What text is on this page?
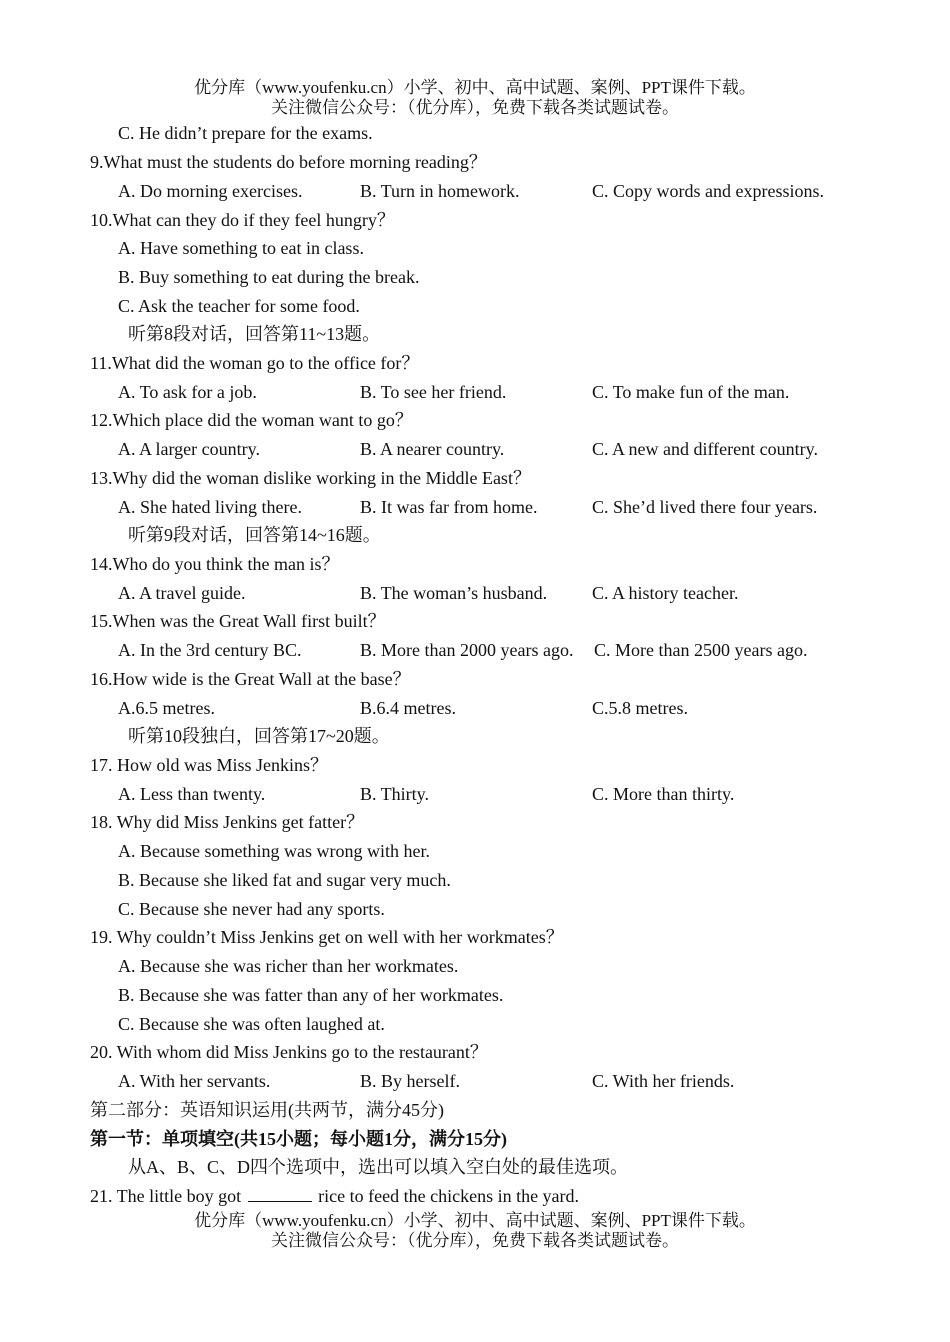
优分库（www.youfenku.cn）小学、初中、高中试题、案例、PPT课件下载。
关注微信公众号：（优分库），免费下载各类试题试卷。
C. He didn’t prepare for the exams.
9.What must the students do before morning reading？
A. Do morning exercises.	B. Turn in homework.	C. Copy words and expressions.
10.What can they do if they feel hungry？
A. Have something to eat in class.
B. Buy something to eat during the break.
C. Ask the teacher for some food.
听第8段对话，回答第11~13题。
11.What did the woman go to the office for？
A. To ask for a job.	B. To see her friend.	C. To make fun of the man.
12.Which place did the woman want to go？
A. A larger country.	B. A nearer country.	C. A new and different country.
13.Why did the woman dislike working in the Middle East？
A. She hated living there.	B. It was far from home.	C. She’d lived there four years.
听第9段对话，回答第14~16题。
14.Who do you think the man is？
A. A travel guide.	B. The woman’s husband. C. A history teacher.
15.When was the Great Wall first built？
A. In the 3rd century BC.	B. More than 2000 years ago. C. More than 2500 years ago.
16.How wide is the Great Wall at the base？
A.6.5 metres.	B.6.4 metres.	C.5.8 metres.
听第10段独白，回答第17~20题。
17. How old was Miss Jenkins？
A. Less than twenty.	B. Thirty.	C. More than thirty.
18. Why did Miss Jenkins get fatter？
A. Because something was wrong with her.
B. Because she liked fat and sugar very much.
C. Because she never had any sports.
19. Why couldn’t Miss Jenkins get on well with her workmates？
A. Because she was richer than her workmates.
B. Because she was fatter than any of her workmates.
C. Because she was often laughed at.
20. With whom did Miss Jenkins go to the restaurant？
A. With her servants.	B. By herself.	C. With her friends.
第二部分：英语知识运用(共两节，满分45分)
第一节：单项填空(共15小题；每小题1分，满分15分)
从A、B、C、D四个选项中，选出可以填入空白处的最佳选项。
21. The little boy got	rice to feed the chickens in the yard.
优分库（www.youfenku.cn）小学、初中、高中试题、案例、PPT课件下载。
关注微信公众号：（优分库），免费下载各类试题试卷。
